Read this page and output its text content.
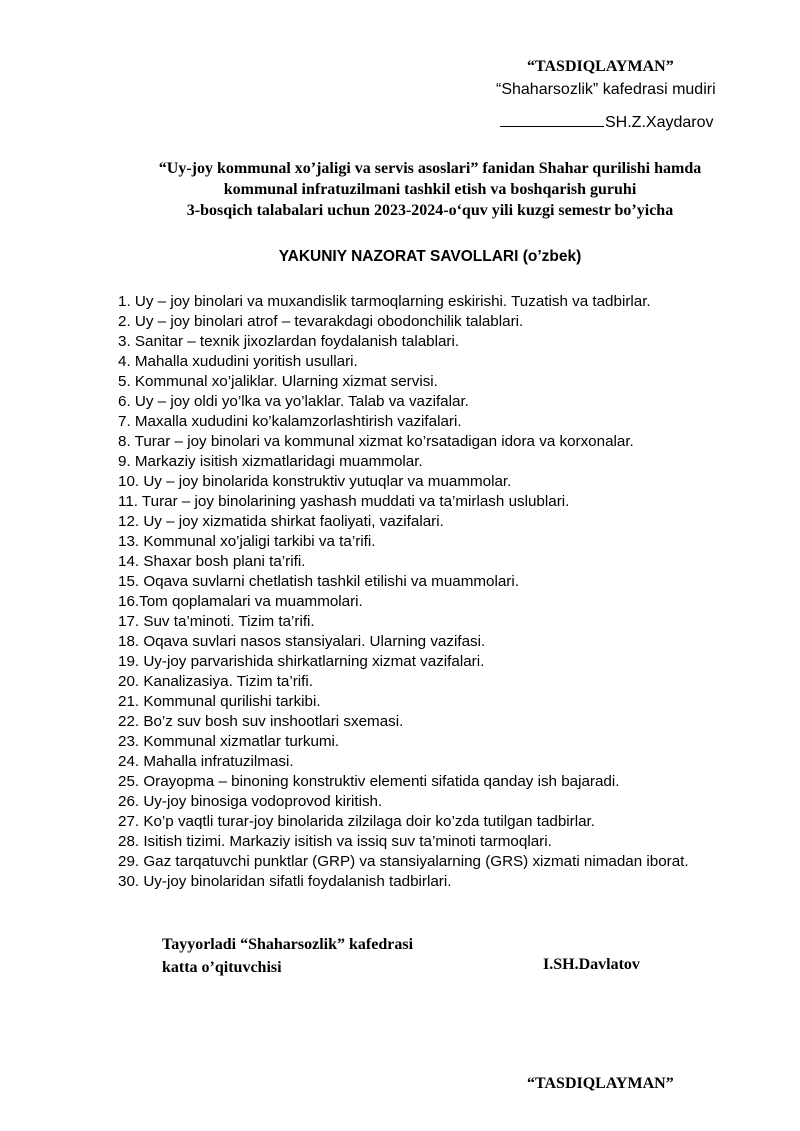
“TASDIQLAYMAN”
“Shaharsozlik” kafedrasi mudiri
SH.Z.Xaydarov
“Uy-joy kommunal xo’jaligi va servis asoslari” fanidan Shahar qurilishi hamda
kommunal infratuzilmani tashkil etish va boshqarish guruhi
3-bosqich talabalari uchun 2023-2024-o‘quv yili kuzgi semestr bo’yicha
YAKUNIY NAZORAT SAVOLLARI (o’zbek)
1. Uy – joy binolari va muxandislik tarmoqlarning eskirishi. Tuzatish va tadbirlar.
2. Uy – joy binolari atrof – tevarakdagi obodonchilik talablari.
3. Sanitar – texnik jixozlardan foydalanish talablari.
4. Mahalla xududini yoritish usullari.
5. Kommunal xo’jaliklar. Ularning xizmat servisi.
6. Uy – joy oldi yo’lka va yo’laklar. Talab va vazifalar.
7. Maxalla xududini ko’kalamzorlashtirish vazifalari.
8. Turar – joy binolari va kommunal xizmat ko’rsatadigan idora va korxonalar.
9. Markaziy isitish xizmatlaridagi muammolar.
10. Uy – joy binolarida konstruktiv yutuqlar va muammolar.
11. Turar – joy binolarining yashash muddati va ta’mirlash uslublari.
12. Uy – joy xizmatida shirkat faoliyati, vazifalari.
13. Kommunal xo’jaligi tarkibi va ta’rifi.
14. Shaxar bosh plani ta’rifi.
15. Oqava suvlarni chetlatish tashkil etilishi va muammolari.
16.Tom qoplamalari va muammolari.
17. Suv ta’minoti. Tizim ta’rifi.
18. Oqava suvlari nasos stansiyalari. Ularning vazifasi.
19. Uy-joy parvarishida shirkatlarning xizmat vazifalari.
20. Kanalizasiya. Tizim ta’rifi.
21. Kommunal qurilishi tarkibi.
22. Bo’z suv bosh suv inshootlari sxemasi.
23. Kommunal xizmatlar turkumi.
24. Mahalla infratuzilmasi.
25. Orayopma – binoning konstruktiv elementi sifatida qanday ish bajaradi.
26. Uy-joy binosiga vodoprovod kiritish.
27. Ko’p vaqtli turar-joy binolarida zilzilaga doir ko’zda tutilgan tadbirlar.
28. Isitish tizimi. Markaziy isitish va issiq suv ta’minoti tarmoqlari.
29. Gaz tarqatuvchi punktlar (GRP) va stansiyalarning (GRS) xizmati nimadan iborat.
30. Uy-joy binolaridan sifatli foydalanish tadbirlari.
Tayyorladi “Shaharsozlik” kafedrasi
katta o’qituvchisi	I.SH.Davlatov
“TASDIQLAYMAN”
